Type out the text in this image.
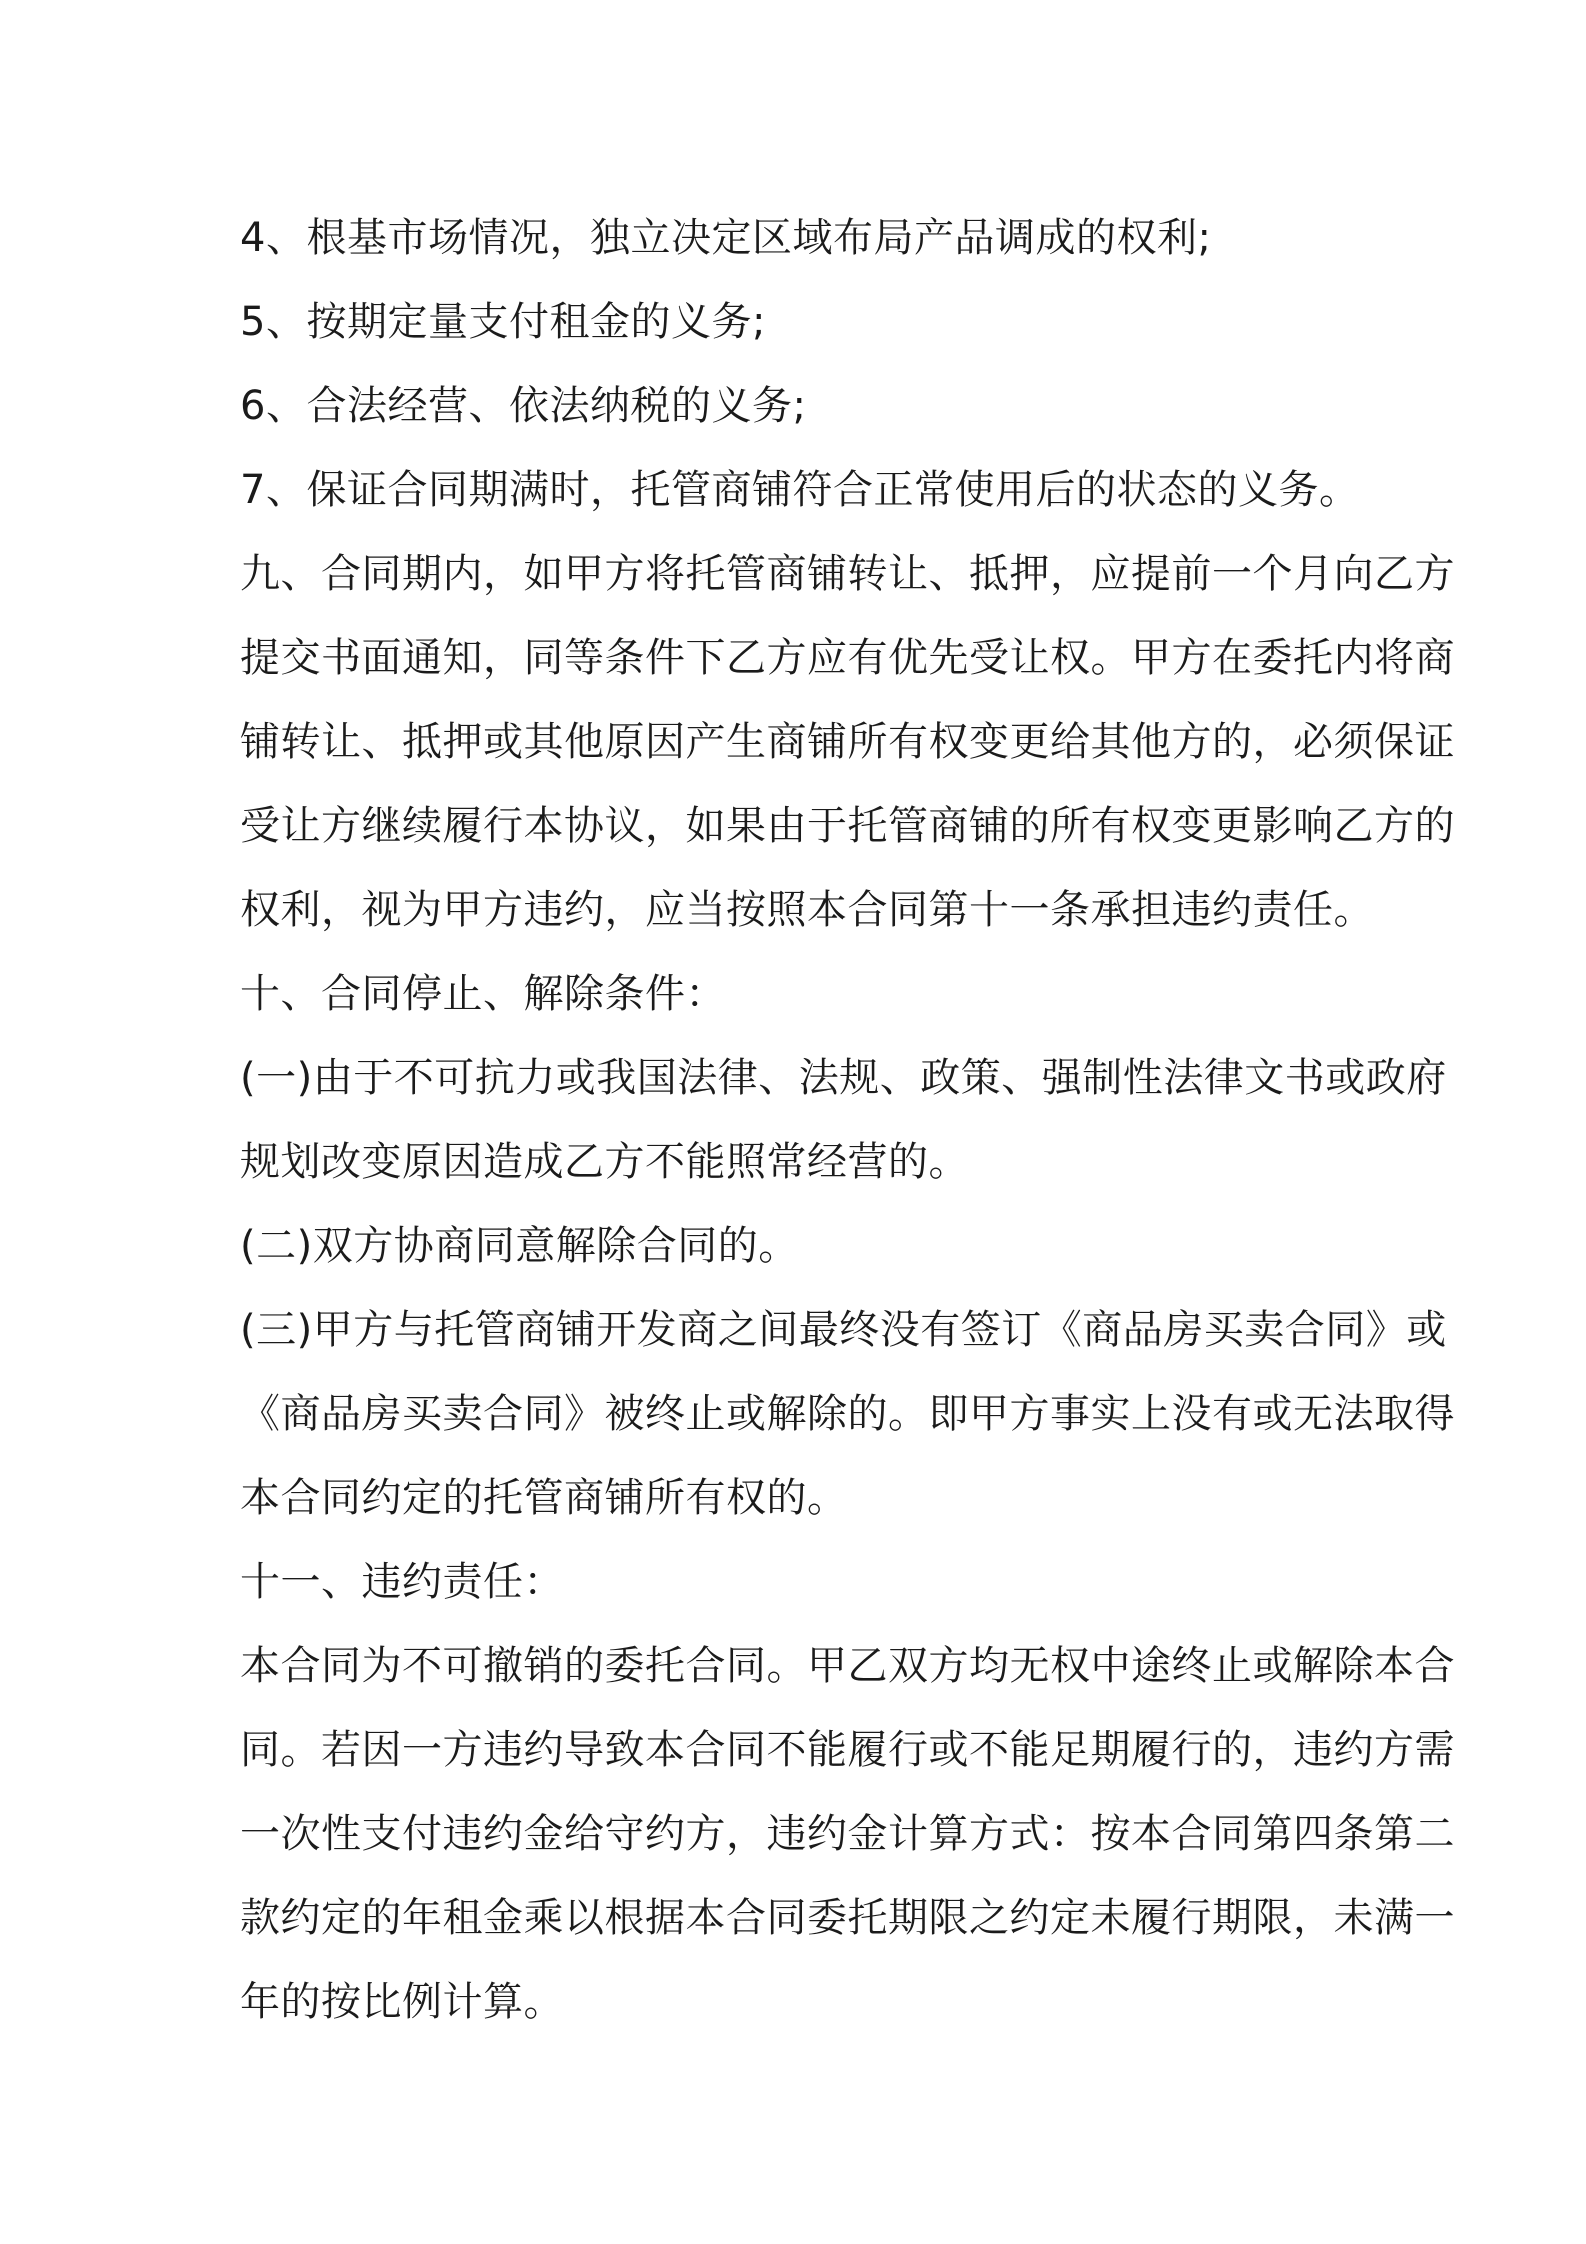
4、根基市场情况，独立决定区域布局产品调成的权利;
5、按期定量支付租金的义务;
6、合法经营、依法纳税的义务;
7、保证合同期满时，托管商铺符合正常使用后的状态的义务。
九、合同期内，如甲方将托管商铺转让、抵押，应提前一个月向乙方
提交书面通知，同等条件下乙方应有优先受让权。甲方在委托内将商
铺转让、抵押或其他原因产生商铺所有权变更给其他方的，必须保证
受让方继续履行本协议，如果由于托管商铺的所有权变更影响乙方的
权利，视为甲方违约，应当按照本合同第十一条承担违约责任。
十、合同停止、解除条件：
(一)由于不可抗力或我国法律、法规、政策、强制性法律文书或政府
规划改变原因造成乙方不能照常经营的。
(二)双方协商同意解除合同的。
(三)甲方与托管商铺开发商之间最终没有签订《商品房买卖合同》或
《商品房买卖合同》被终止或解除的。即甲方事实上没有或无法取得
本合同约定的托管商铺所有权的。
十一、违约责任：
本合同为不可撤销的委托合同。甲乙双方均无权中途终止或解除本合
同。若因一方违约导致本合同不能履行或不能足期履行的，违约方需
一次性支付违约金给守约方，违约金计算方式：按本合同第四条第二
款约定的年租金乘以根据本合同委托期限之约定未履行期限，未满一
年的按比例计算。
